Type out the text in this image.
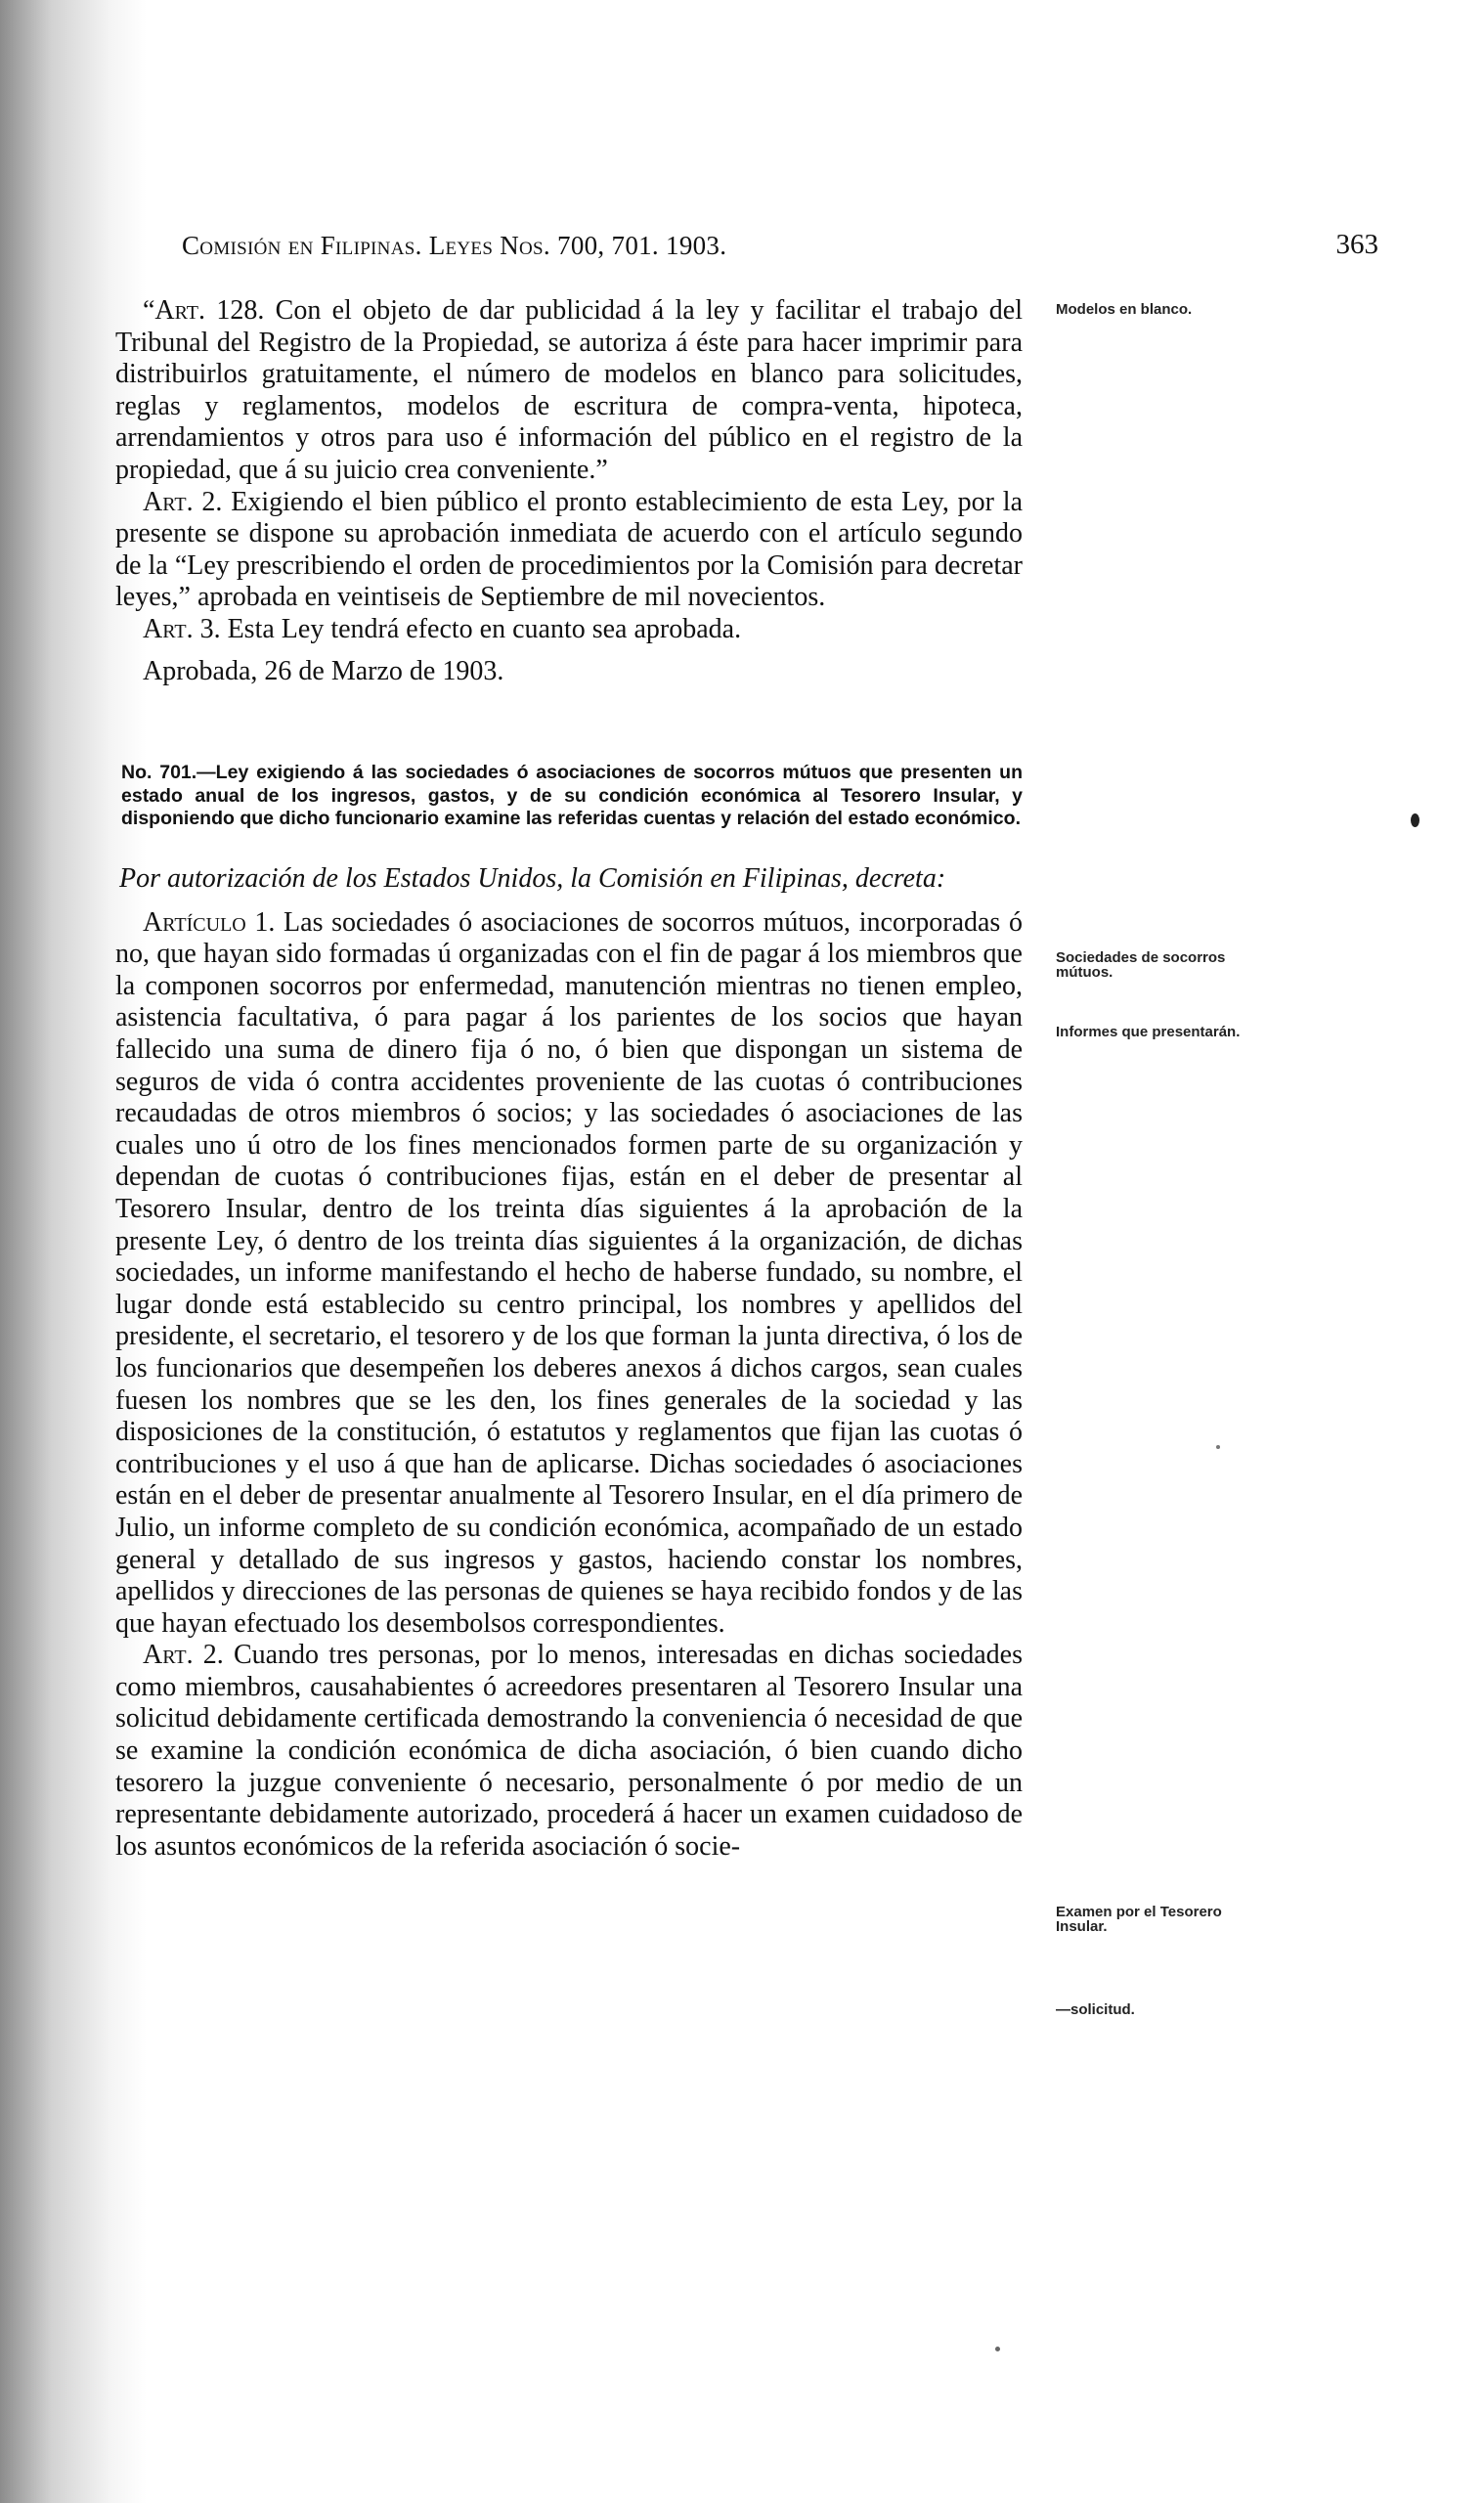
Comisión en Filipinas. Leyes Nos. 700, 701. 1903.	363

“Art. 128. Con el objeto de dar publicidad á la ley y facilitar el trabajo del Tribunal del Registro de la Propiedad, se autoriza á éste para hacer imprimir para distribuirlos gratuitamente, el número de modelos en blanco para solicitudes, reglas y reglamentos, modelos de escritura de compra-venta, hipoteca, arrendamientos y otros para uso é información del público en el registro de la propiedad, que á su juicio crea conveniente.”

Art. 2. Exigiendo el bien público el pronto establecimiento de esta Ley, por la presente se dispone su aprobación inmediata de acuerdo con el artículo segundo de la “Ley prescribiendo el orden de procedimientos por la Comisión para decretar leyes,” aprobada en veintiseis de Septiembre de mil novecientos.

Art. 3. Esta Ley tendrá efecto en cuanto sea aprobada.

Aprobada, 26 de Marzo de 1903.

No. 701.—Ley exigiendo á las sociedades ó asociaciones de socorros mútuos que presenten un estado anual de los ingresos, gastos, y de su condición económica al Tesorero Insular, y disponiendo que dicho funcionario examine las referidas cuentas y relación del estado económico.

Por autorización de los Estados Unidos, la Comisión en Filipinas, decreta:

Artículo 1. Las sociedades ó asociaciones de socorros mútuos, incorporadas ó no, que hayan sido formadas ú organizadas con el fin de pagar á los miembros que la componen socorros por enfermedad, manutención mientras no tienen empleo, asistencia facultativa, ó para pagar á los parientes de los socios que hayan fallecido una suma de dinero fija ó no, ó bien que dispongan un sistema de seguros de vida ó contra accidentes proveniente de las cuotas ó contribuciones recaudadas de otros miembros ó socios; y las sociedades ó asociaciones de las cuales uno ú otro de los fines mencionados formen parte de su organización y dependan de cuotas ó contribuciones fijas, están en el deber de presentar al Tesorero Insular, dentro de los treinta días siguientes á la aprobación de la presente Ley, ó dentro de los treinta días siguientes á la organización, de dichas sociedades, un informe manifestando el hecho de haberse fundado, su nombre, el lugar donde está establecido su centro principal, los nombres y apellidos del presidente, el secretario, el tesorero y de los que forman la junta directiva, ó los de los funcionarios que desempeñen los deberes anexos á dichos cargos, sean cuales fuesen los nombres que se les den, los fines generales de la sociedad y las disposiciones de la constitución, ó estatutos y reglamentos que fijan las cuotas ó contribuciones y el uso á que han de aplicarse. Dichas sociedades ó asociaciones están en el deber de presentar anualmente al Tesorero Insular, en el día primero de Julio, un informe completo de su condición económica, acompañado de un estado general y detallado de sus ingresos y gastos, haciendo constar los nombres, apellidos y direcciones de las personas de quienes se haya recibido fondos y de las que hayan efectuado los desembolsos correspondientes.

Art. 2. Cuando tres personas, por lo menos, interesadas en dichas sociedades como miembros, causahabientes ó acreedores presentaren al Tesorero Insular una solicitud debidamente certificada demostrando la conveniencia ó necesidad de que se examine la condición económica de dicha asociación, ó bien cuando dicho tesorero la juzgue conveniente ó necesario, personalmente ó por medio de un representante debidamente autorizado, procederá á hacer un examen cuidadoso de los asuntos económicos de la referida asociación ó socie-

Modelos en blanco.
Sociedades de socorros mútuos.
Informes que presentarán.
Examen por el Tesorero Insular.
—solicitud.
